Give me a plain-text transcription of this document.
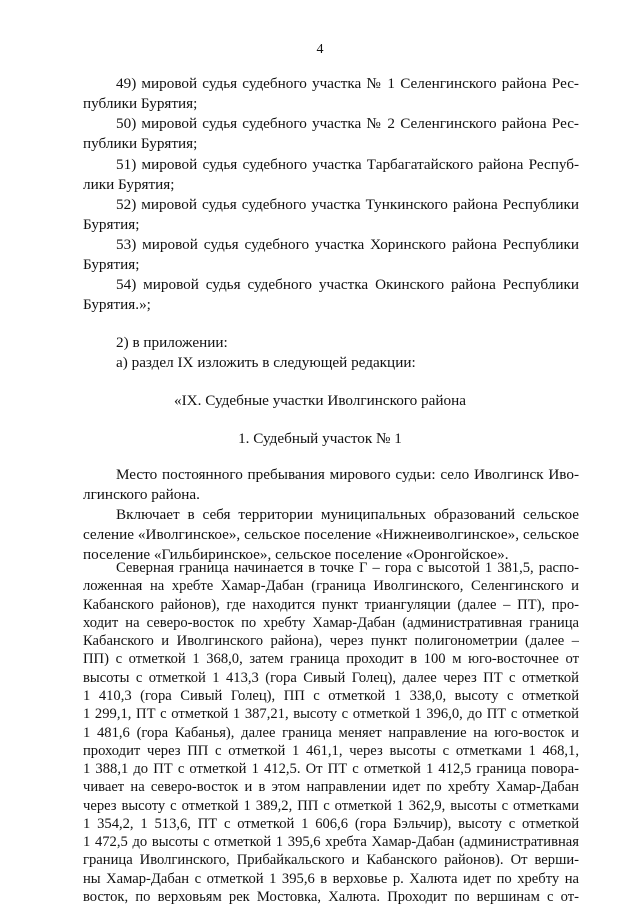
4
49) мировой судья судебного участка № 1 Селенгинского района Рес-
публики Бурятия;
50) мировой судья судебного участка № 2 Селенгинского района Рес-
публики Бурятия;
51) мировой судья судебного участка Тарбагатайского района Респуб-
лики Бурятия;
52) мировой судья судебного участка Тункинского района Республики
Бурятия;
53) мировой судья судебного участка Хоринского района Республики
Бурятия;
54) мировой судья судебного участка Окинского района Республики
Бурятия.»;
2) в приложении:
а) раздел IX изложить в следующей редакции:
«IX. Судебные участки Иволгинского района
1. Судебный участок № 1
Место постоянного пребывания мирового судьи: село Иволгинск Иво-
лгинского района.
Включает в себя территории муниципальных образований сельское
селение «Иволгинское», сельское поселение «Нижнеиволгинское», сельское
поселение «Гильбиринское», сельское поселение «Оронгойское».
Северная граница начинается в точке Г – гора с высотой 1 381,5, распо-
ложенная на хребте Хамар-Дабан (граница Иволгинского, Селенгинского и
Кабанского районов), где находится пункт триангуляции (далее – ПТ), про-
ходит на северо-восток по хребту Хамар-Дабан (административная граница
Кабанского и Иволгинского района), через пункт полигонометрии (далее –
ПП) с отметкой 1 368,0, затем граница проходит в 100 м юго-восточнее от
высоты с отметкой 1 413,3 (гора Сивый Голец), далее через ПТ с отметкой
1 410,3 (гора Сивый Голец), ПП с отметкой 1 338,0, высоту с отметкой
1 299,1, ПТ с отметкой 1 387,21, высоту с отметкой 1 396,0, до ПТ с отметкой
1 481,6 (гора Кабанья), далее граница меняет направление на юго-восток и
проходит через ПП с отметкой 1 461,1, через высоты с отметками 1 468,1,
1 388,1 до ПТ с отметкой 1 412,5. От ПТ с отметкой 1 412,5 граница повора-
чивает на северо-восток и в этом направлении идет по хребту Хамар-Дабан
через высоту с отметкой 1 389,2, ПП с отметкой 1 362,9, высоты с отметками
1 354,2, 1 513,6, ПТ с отметкой 1 606,6 (гора Бэльчир), высоту с отметкой
1 472,5 до высоты с отметкой 1 395,6 хребта Хамар-Дабан (административная
граница Иволгинского, Прибайкальского и Кабанского районов). От верши-
ны Хамар-Дабан с отметкой 1 395,6 в верховье р. Халюта идет по хребту на
восток, по верховьям рек Мостовка, Халюта. Проходит по вершинам с от-
